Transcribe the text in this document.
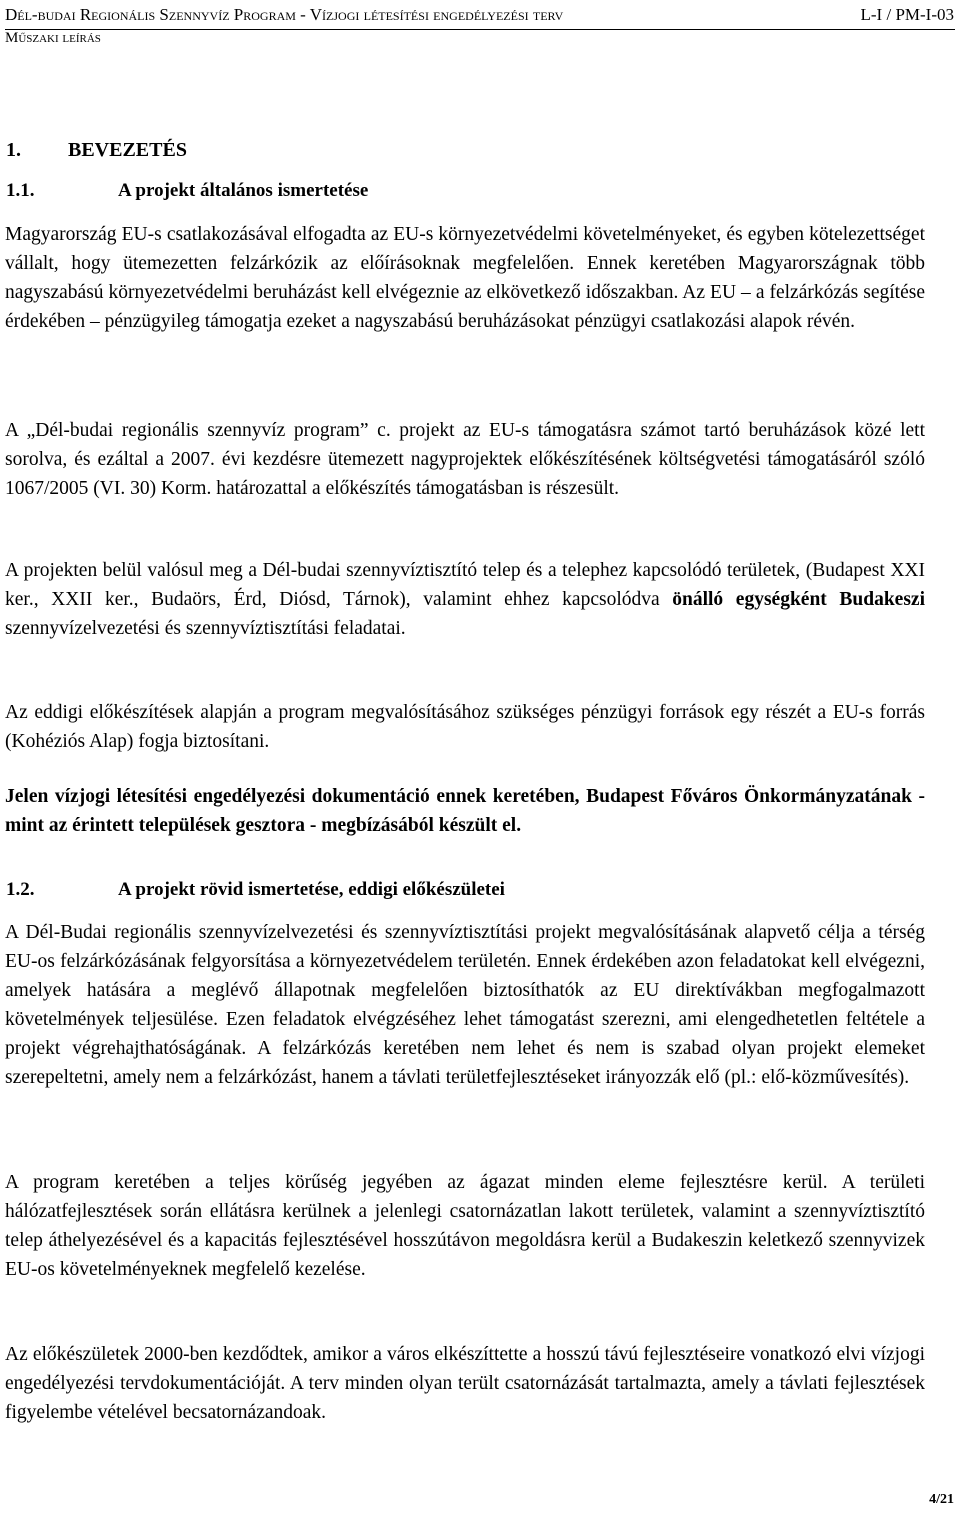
Dél-budai Regionális Szennyvíz Program - Vízjogi létesítési engedélyezési terv	L-I / PM-I-03
Műszaki leírás
1. BEVEZETÉS
1.1.	A projekt általános ismertetése
Magyarország EU-s csatlakozásával elfogadta az EU-s környezetvédelmi követelményeket, és egyben kötelezettséget vállalt, hogy ütemezetten felzárkózik az előírásoknak megfelelően. Ennek keretében Magyarországnak több nagyszabású környezetvédelmi beruházást kell elvégeznie az elkövetkező időszakban. Az EU – a felzárkózás segítése érdekében – pénzügyileg támogatja ezeket a nagyszabású beruházásokat pénzügyi csatlakozási alapok révén.
A „Dél-budai regionális szennyvíz program” c. projekt az EU-s támogatásra számot tartó beruházások közé lett sorolva, és ezáltal a 2007. évi kezdésre ütemezett nagyprojektek előkészítésének költségvetési támogatásáról szóló 1067/2005 (VI. 30) Korm. határozattal a előkészítés támogatásban is részesült.
A projekten belül valósul meg a Dél-budai szennyvíztisztító telep és a telephez kapcsolódó területek, (Budapest XXI ker., XXII ker., Budaörs, Érd, Diósd, Tárnok), valamint ehhez kapcsolódva önálló egységként Budakeszi szennyvízelvezetési és szennyvíztisztítási feladatai.
Az eddigi előkészítések alapján a program megvalósításához szükséges pénzügyi források egy részét a EU-s forrás (Kohéziós Alap) fogja biztosítani.
Jelen vízjogi létesítési engedélyezési dokumentáció ennek keretében, Budapest Főváros Önkormányzatának - mint az érintett települések gesztora - megbízásából készült el.
1.2.	A projekt rövid ismertetése, eddigi előkészületei
A Dél-Budai regionális szennyvízelvezetési és szennyvíztisztítási projekt megvalósításának alapvető célja a térség EU-os felzárkózásának felgyorsítása a környezetvédelem területén. Ennek érdekében azon feladatokat kell elvégezni, amelyek hatására a meglévő állapotnak megfelelően biztosíthatók az EU direktívákban megfogalmazott követelmények teljesülése. Ezen feladatok elvégzéséhez lehet támogatást szerezni, ami elengedhetetlen feltétele a projekt végrehajthatóságának. A felzárkózás keretében nem lehet és nem is szabad olyan projekt elemeket szerepeltetni, amely nem a felzárkózást, hanem a távlati területfejlesztéseket irányozzák elő (pl.: elő-közművesítés).
A program keretében a teljes körűség jegyében az ágazat minden eleme fejlesztésre kerül. A területi hálózatfejlesztések során ellátásra kerülnek a jelenlegi csatornázatlan lakott területek, valamint a szennyvíztisztító telep áthelyezésével és a kapacitás fejlesztésével hosszútávon megoldásra kerül a Budakeszin keletkező szennyvizek EU-os követelményeknek megfelelő kezelése.
Az előkészületek 2000-ben kezdődtek, amikor a város elkészíttette a hosszú távú fejlesztéseire vonatkozó elvi vízjogi engedélyezési tervdokumentációját. A terv minden olyan terült csatornázását tartalmazta, amely a távlati fejlesztések figyelembe vételével becsatornázandoak.
4/21
